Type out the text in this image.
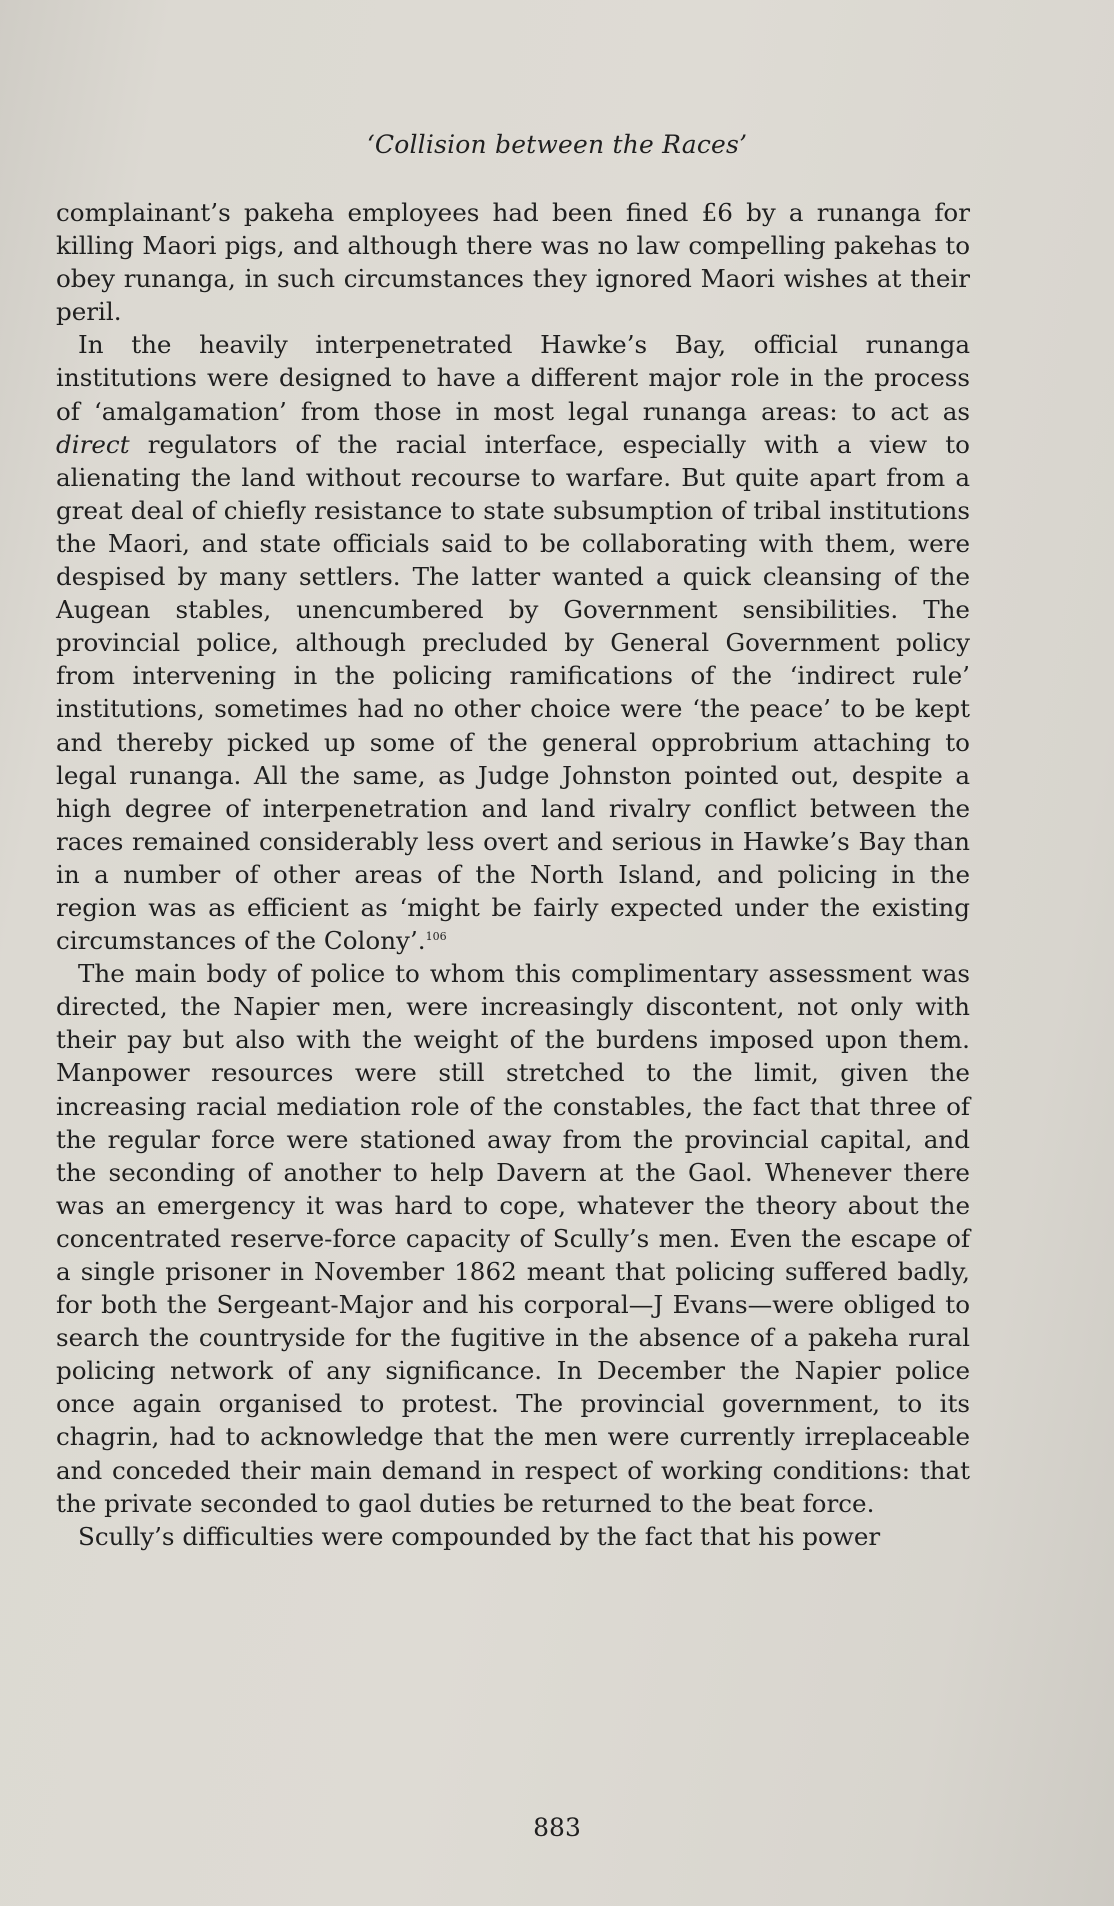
‘Collision between the Races’

complainant’s pakeha employees had been fined £6 by a runanga for killing Maori pigs, and although there was no law compelling pakehas to obey runanga, in such circumstances they ignored Maori wishes at their peril.

In the heavily interpenetrated Hawke’s Bay, official runanga institutions were designed to have a different major role in the process of ‘amalgamation’ from those in most legal runanga areas: to act as direct regulators of the racial interface, especially with a view to alienating the land without recourse to warfare. But quite apart from a great deal of chiefly resistance to state subsumption of tribal institutions the Maori, and state officials said to be collaborating with them, were despised by many settlers. The latter wanted a quick cleansing of the Augean stables, unencumbered by Government sensibilities. The provincial police, although precluded by General Government policy from intervening in the policing ramifications of the ‘indirect rule’ institutions, sometimes had no other choice were ‘the peace’ to be kept and thereby picked up some of the general opprobrium attaching to legal runanga. All the same, as Judge Johnston pointed out, despite a high degree of interpenetration and land rivalry conflict between the races remained considerably less overt and serious in Hawke’s Bay than in a number of other areas of the North Island, and policing in the region was as efficient as ‘might be fairly expected under the existing circumstances of the Colony’.$^{106}$

The main body of police to whom this complimentary assessment was directed, the Napier men, were increasingly discontent, not only with their pay but also with the weight of the burdens imposed upon them. Manpower resources were still stretched to the limit, given the increasing racial mediation role of the constables, the fact that three of the regular force were stationed away from the provincial capital, and the seconding of another to help Davern at the Gaol. Whenever there was an emergency it was hard to cope, whatever the theory about the concentrated reserve-force capacity of Scully’s men. Even the escape of a single prisoner in November 1862 meant that policing suffered badly, for both the Sergeant-Major and his corporal—J Evans—were obliged to search the countryside for the fugitive in the absence of a pakeha rural policing network of any significance. In December the Napier police once again organised to protest. The provincial government, to its chagrin, had to acknowledge that the men were currently irreplaceable and conceded their main demand in respect of working conditions: that the private seconded to gaol duties be returned to the beat force.

Scully’s difficulties were compounded by the fact that his power

883
